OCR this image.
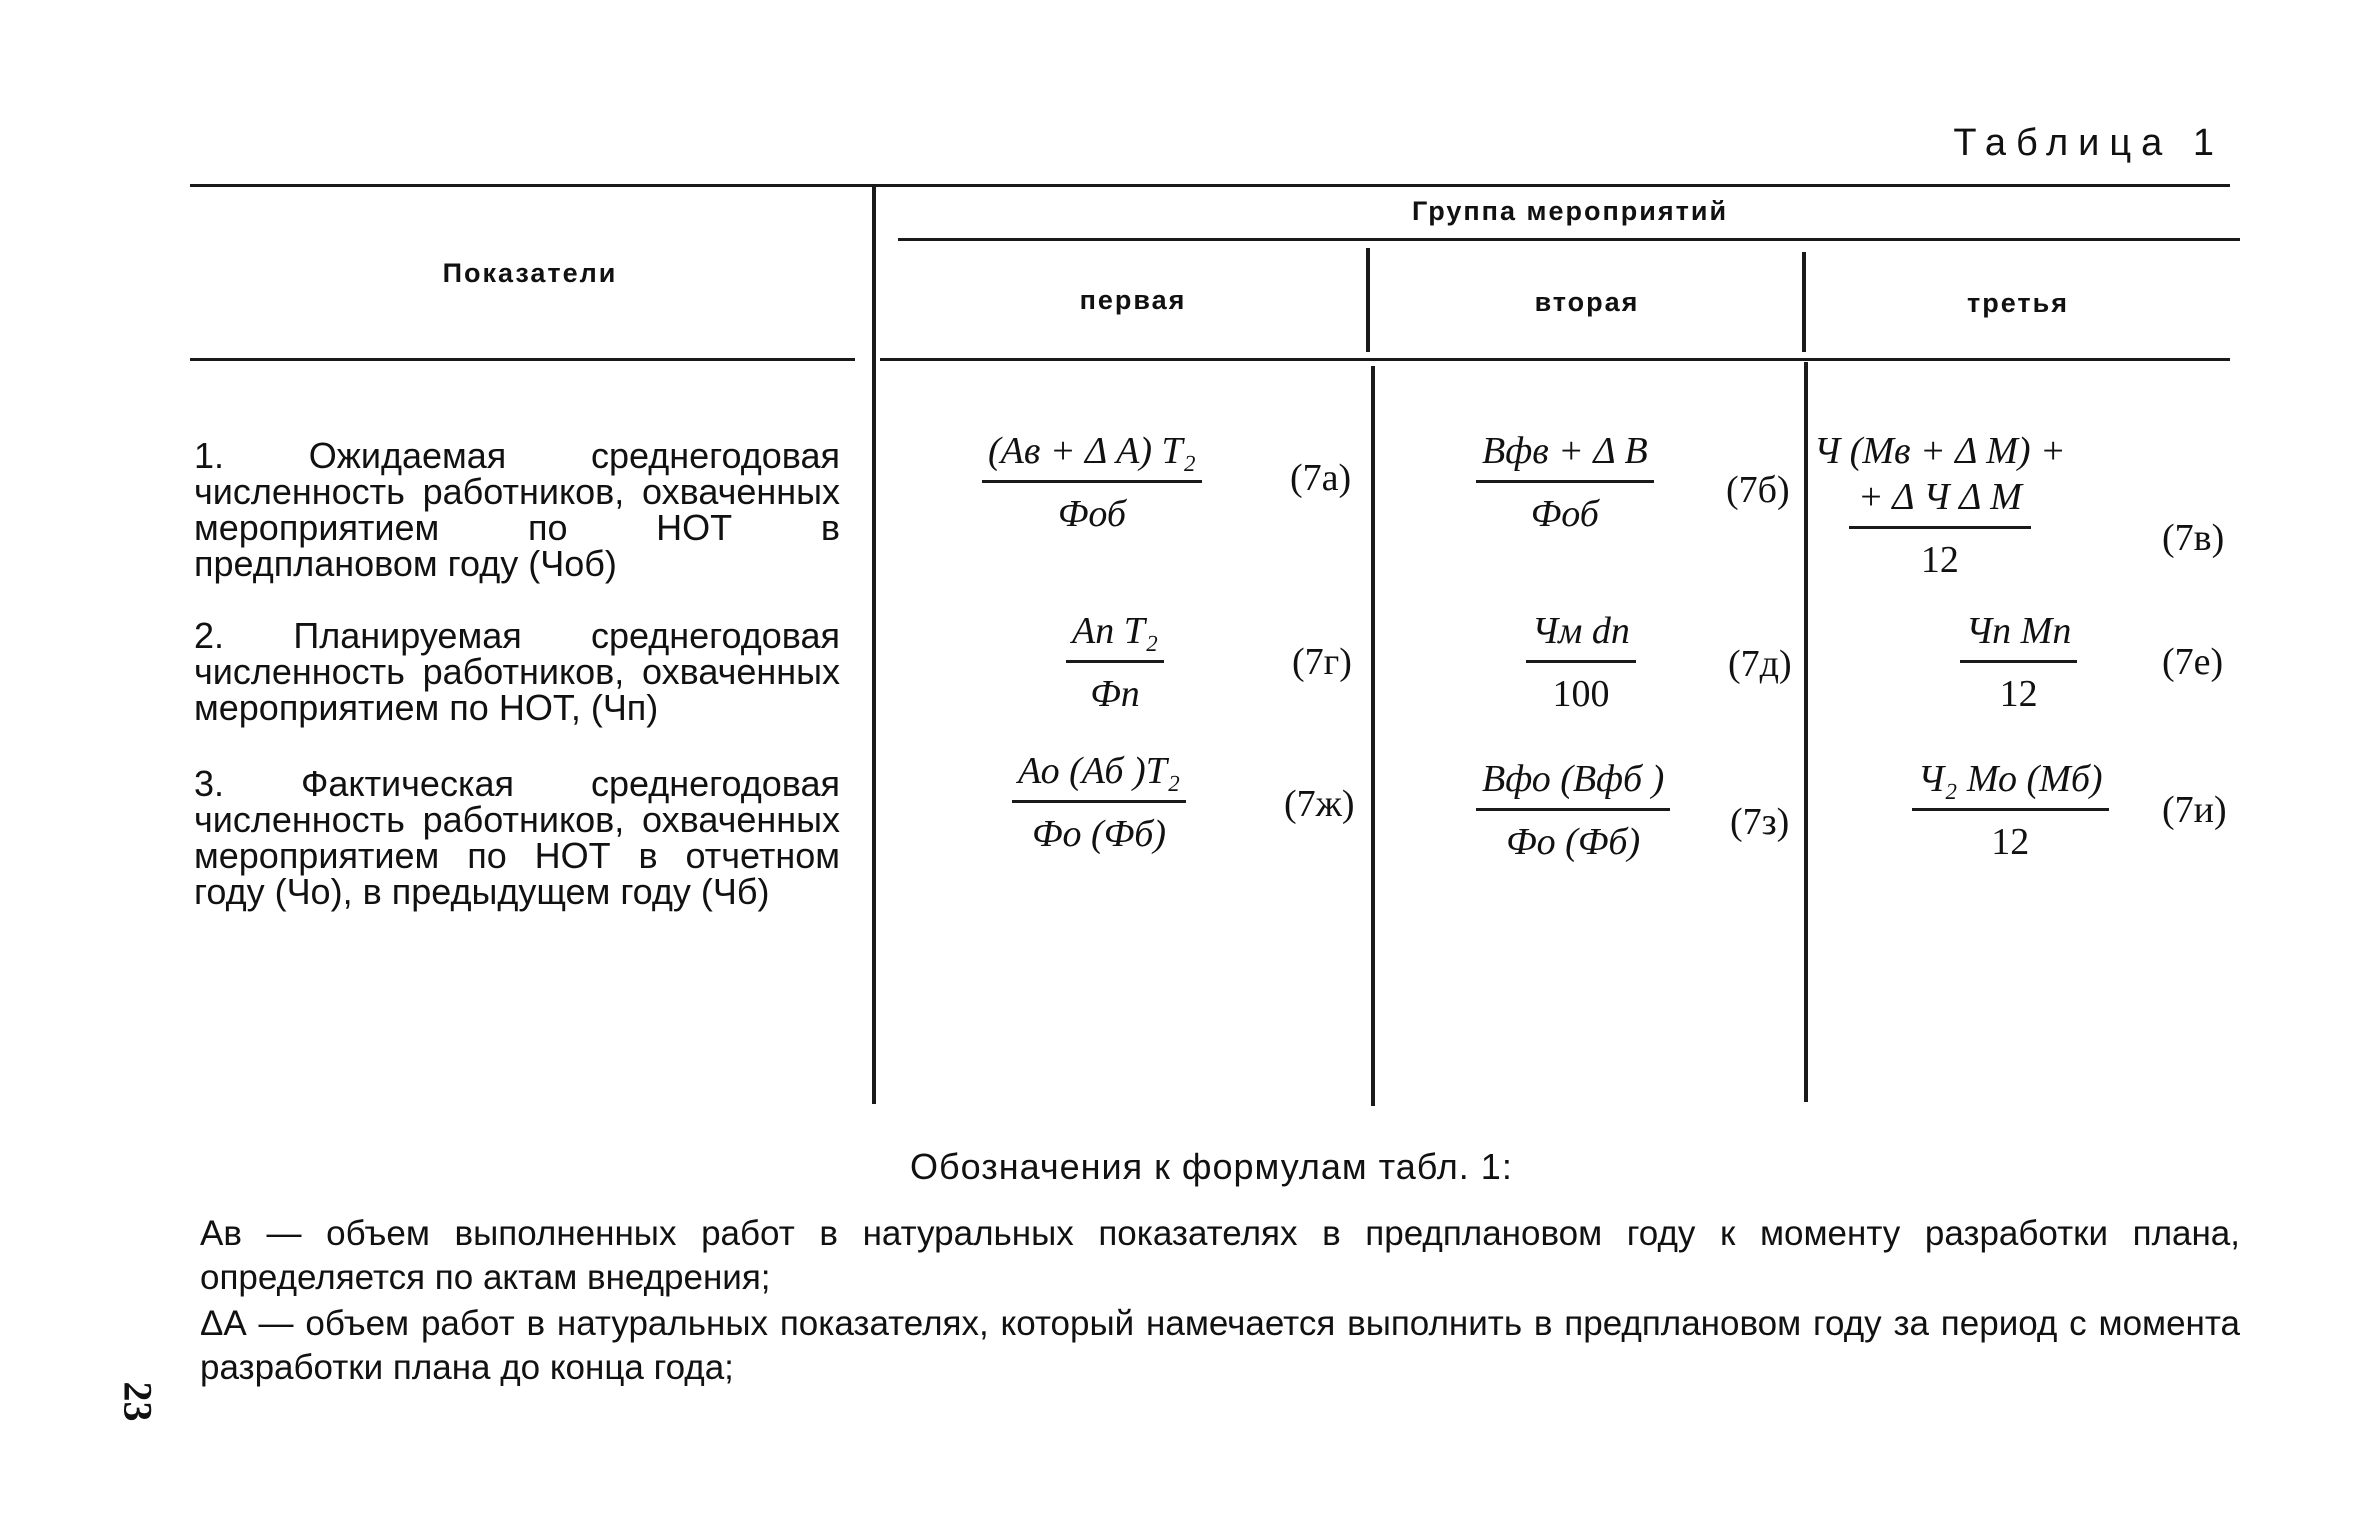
Таблица 1
Показатели
Группа мероприятий
первая	вторая	третья
1. Ожидаемая среднегодовая численность работников, охваченных мероприятием по НОТ в предплановом году (Чоб)
2. Планируемая среднегодовая численность работников, охваченных мероприятием по НОТ, (Чп)
3. Фактическая среднегодовая численность работников, охваченных мероприятием по НОТ в отчетном году (Чо), в предыдущем году (Чб)
(Ав + Δ А) Т₂
Фоб
(7а)
Вфв + Δ В
Фоб
(7б)
Ч (Мв + Δ М) +
+ Δ Ч Δ М
12
(7в)
Ап Т₂
Фп
(7г)
Чм dп
100
(7д)
Чп Мп
12
(7е)
Ао (Аб )Т₂
Фо (Фб)
(7ж)
Вфо (Вфб )
Фо (Фб) (7з)
Ч₂ Мо (Мб)
12
(7и)
Обозначения к формулам табл. 1:
Ав — объем выполненных работ в натуральных показателях в предплановом году к моменту разработки плана, определяется по актам внедрения;
ΔА — объем работ в натуральных показателях, который намечается выполнить в предплановом году за период с момента разработки плана до конца года;
23
